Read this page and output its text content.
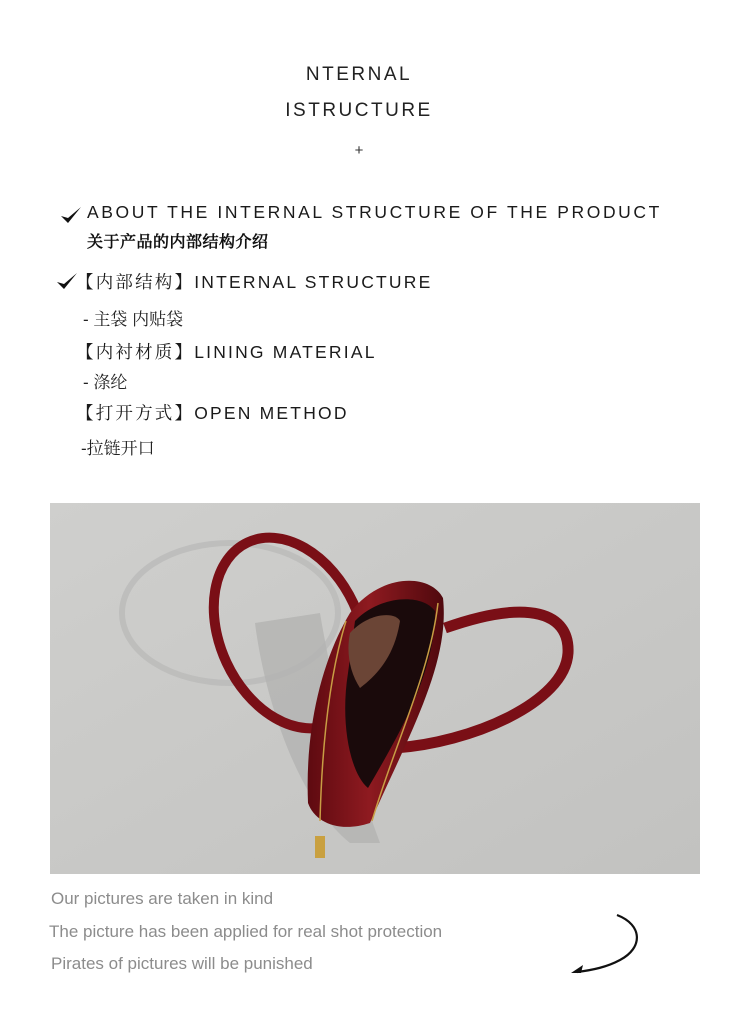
NTERNAL
ISTRUCTURE
+
ABOUT THE INTERNAL STRUCTURE OF THE PRODUCT
关于产品的内部结构介绍
【内部结构】INTERNAL STRUCTURE
- 主袋 内贴袋
【内衬材质】LINING MATERIAL
- 涤纶
【打开方式】OPEN METHOD
-拉链开口
Our pictures are taken in kind
The picture has been applied for real shot protection
Pirates of pictures will be punished
